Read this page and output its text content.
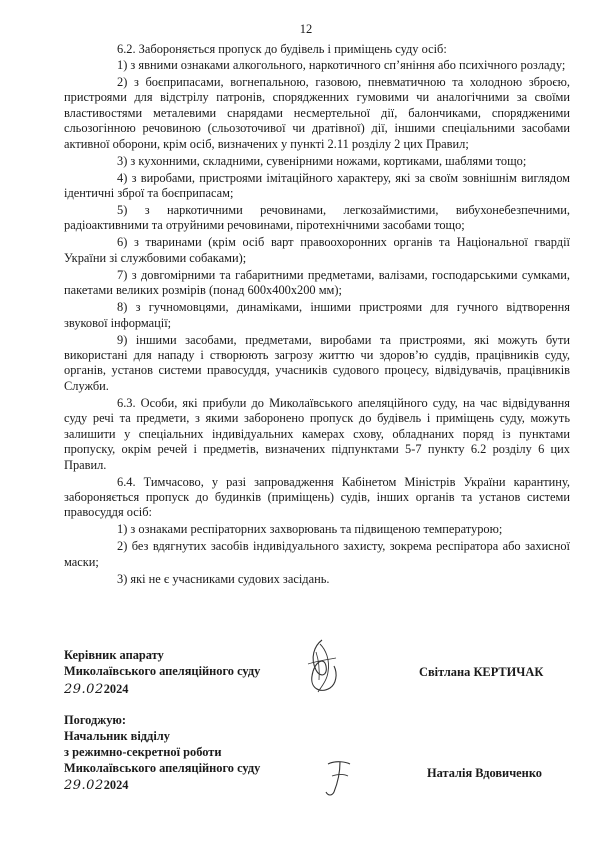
12

6.2. Забороняється пропуск до будівель і приміщень суду осіб:

1) з явними ознаками алкогольного, наркотичного сп’яніння або психічного розладу;

2) з боєприпасами, вогнепальною, газовою, пневматичною та холодною зброєю, пристроями для відстрілу патронів, спорядженних гумовими чи аналогічними за своїми властивостями металевими снарядами несмертельної дії, балончиками, спорядженими сльозогінною речовиною (сльозоточивої чи дратівної) дії, іншими спеціальними засобами активної оборони, крім осіб, визначених у пункті 2.11 розділу 2 цих Правил;

3) з кухонними, складними, сувенірними ножами, кортиками, шаблями тощо;

4) з виробами, пристроями імітаційного характеру, які за своїм зовнішнім виглядом ідентичні зброї та боєприпасам;

5) з наркотичними речовинами, легкозаймистими, вибухонебезпечними, радіоактивними та отруйними речовинами, піротехнічними засобами тощо;

6) з тваринами (крім осіб варт правоохоронних органів та Національної гвардії України зі службовими собаками);

7) з довгомірними та габаритними предметами, валізами, господарськими сумками, пакетами великих розмірів (понад 600х400х200 мм);

8) з гучномовцями, динаміками, іншими пристроями для гучного відтворення звукової інформації;

9) іншими засобами, предметами, виробами та пристроями, які можуть бути використані для нападу і створюють загрозу життю чи здоров’ю суддів, працівників суду, органів, установ системи правосуддя, учасників судового процесу, відвідувачів, працівників Служби.

6.3. Особи, які прибули до Миколаївського апеляційного суду, на час відвідування суду речі та предмети, з якими заборонено пропуск до будівель і приміщень суду, можуть залишити у спеціальних індивідуальних камерах схову, обладнаних поряд із пунктами пропуску, окрім речей і предметів, визначених підпунктами 5-7 пункту 6.2 розділу 6 цих Правил.

6.4. Тимчасово, у разі запровадження Кабінетом Міністрів України карантину, забороняється пропуск до будинків (приміщень) судів, інших органів та установ системи правосуддя осіб:

1) з ознаками респіраторних захворювань та підвищеною температурою;

2) без вдягнутих засобів індивідуального захисту, зокрема респіратора або захисної маски;

3) які не є учасниками судових засідань.

Керівник апарату
Миколаївського апеляційного суду
29.022024
Світлана КЕРТИЧАК
Погоджую:
Начальник відділу
з режимно-секретної роботи
Миколаївського апеляційного суду
29.022024
Наталія Вдовиченко
